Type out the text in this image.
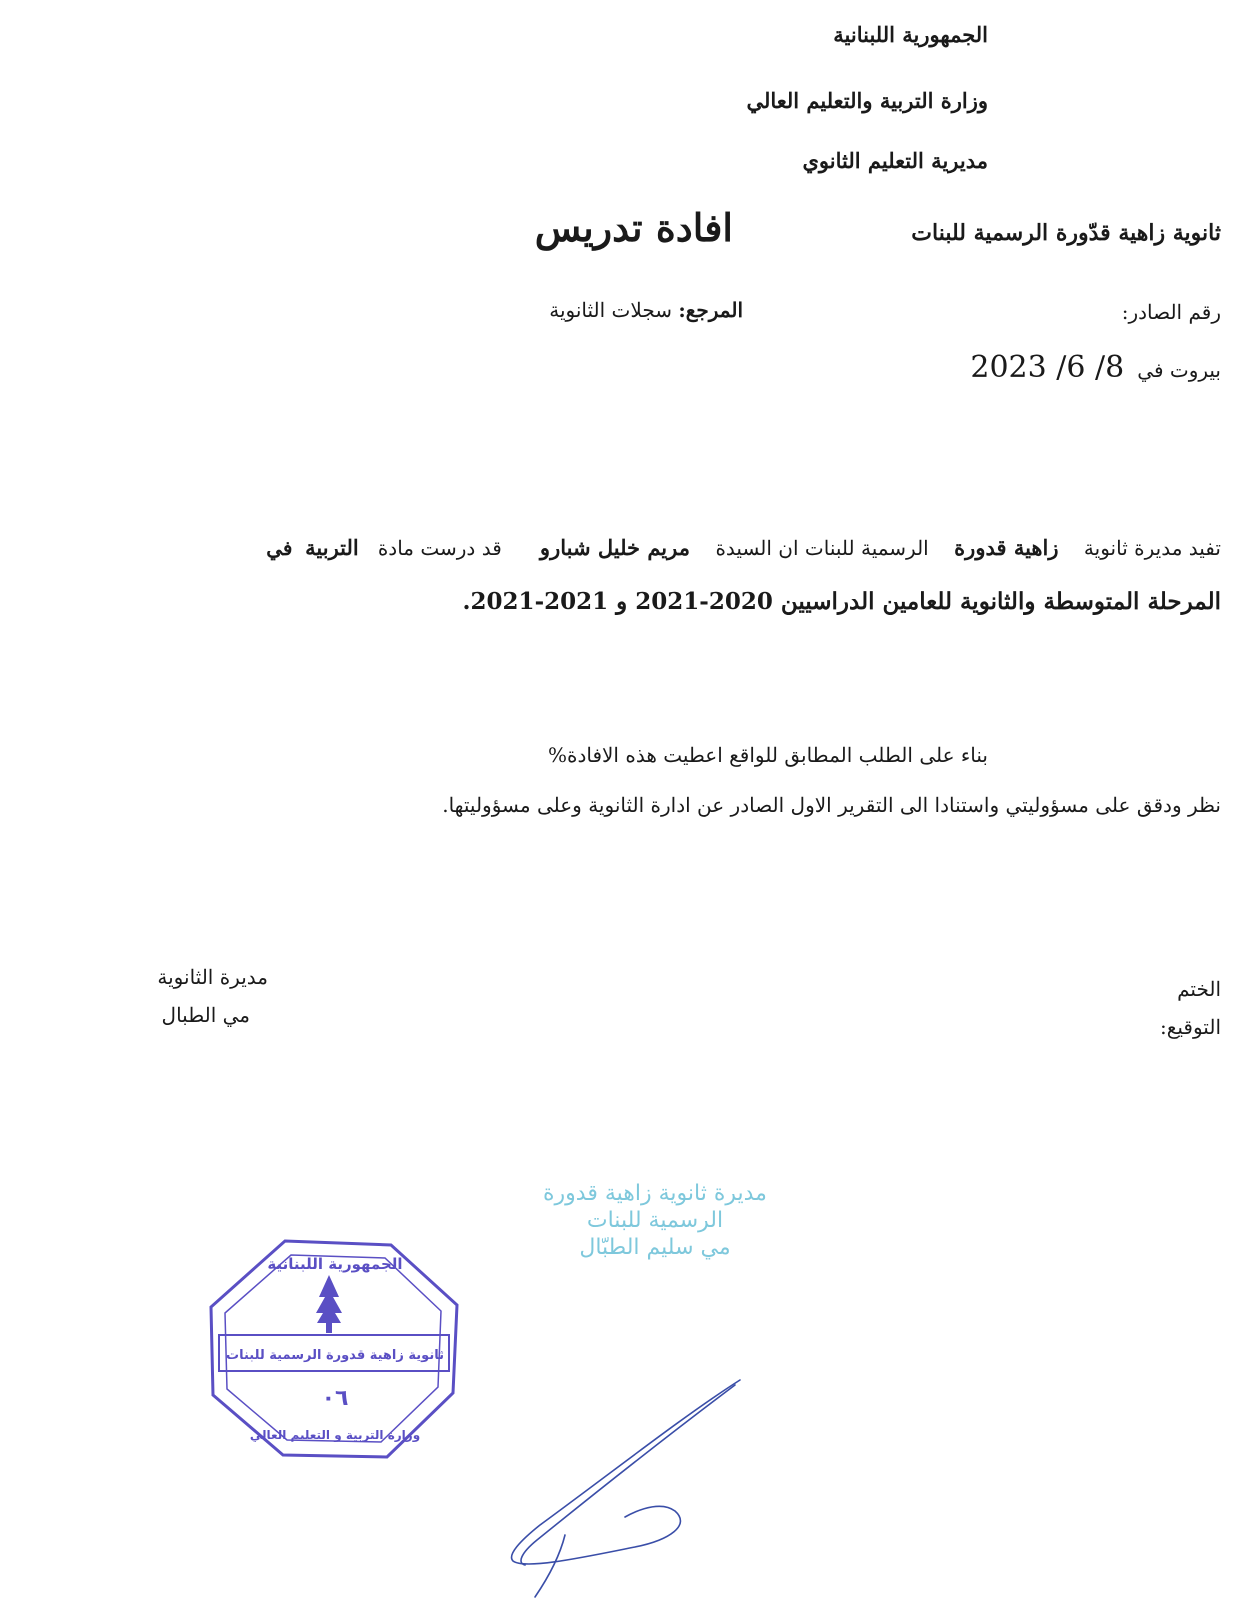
الجمهورية اللبنانية
وزارة التربية والتعليم العالي
مديرية التعليم الثانوي
ثانوية زاهية قدّورة الرسمية للبنات
افادة تدريس
رقم الصادر:
المرجع: سجلات الثانوية
بيروت في 2023 /6 /8
تفيد مديرة ثانوية    زاهية قدورة    الرسمية للبنات ان السيدة    مريم خليل شبارو      قد درست مادة   التربية  في
المرحلة المتوسطة والثانوية للعامين الدراسيين 2020-2021 و 2021-2021.
بناء على الطلب المطابق للواقع اعطيت هذه الافادة%
نظر ودقق على مسؤوليتي واستنادا الى التقرير الاول الصادر عن ادارة الثانوية وعلى مسؤوليتها.
الختم
التوقيع:
مديرة الثانوية
مي الطبال
مديرة ثانوية زاهية قدورة
الرسمية للبنات
مي سليم الطبّال
الجمهورية اللبنانية
ثانوية زاهية قدورة الرسمية للبنات
٠٦
وزارة التربية و التعليم العالي
